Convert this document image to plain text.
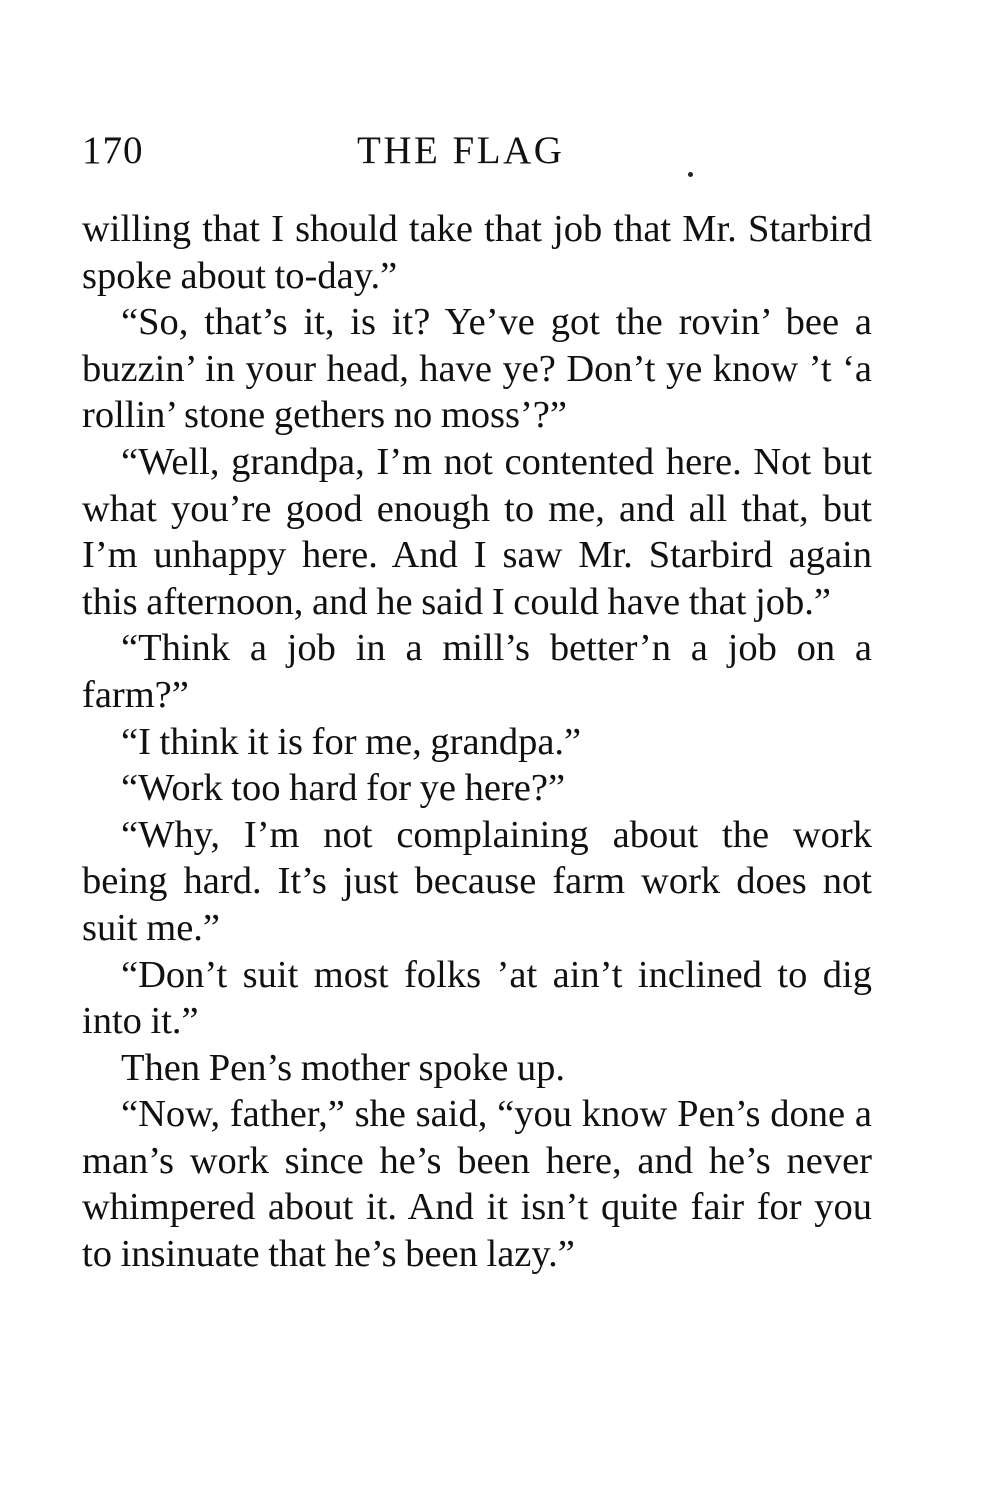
170	THE FLAG

willing that I should take that job that Mr. Starbird spoke about to-day.”

“So, that’s it, is it? Ye’ve got the rovin’ bee a buzzin’ in your head, have ye? Don’t ye know ’t ‘a rollin’ stone gethers no moss’?”

“Well, grandpa, I’m not contented here. Not but what you’re good enough to me, and all that, but I’m unhappy here. And I saw Mr. Starbird again this afternoon, and he said I could have that job.”

“Think a job in a mill’s better’n a job on a farm?”

“I think it is for me, grandpa.”

“Work too hard for ye here?”

“Why, I’m not complaining about the work being hard. It’s just because farm work does not suit me.”

“Don’t suit most folks ’at ain’t inclined to dig into it.”

Then Pen’s mother spoke up.

“Now, father,” she said, “you know Pen’s done a man’s work since he’s been here, and he’s never whimpered about it. And it isn’t quite fair for you to insinuate that he’s been lazy.”
